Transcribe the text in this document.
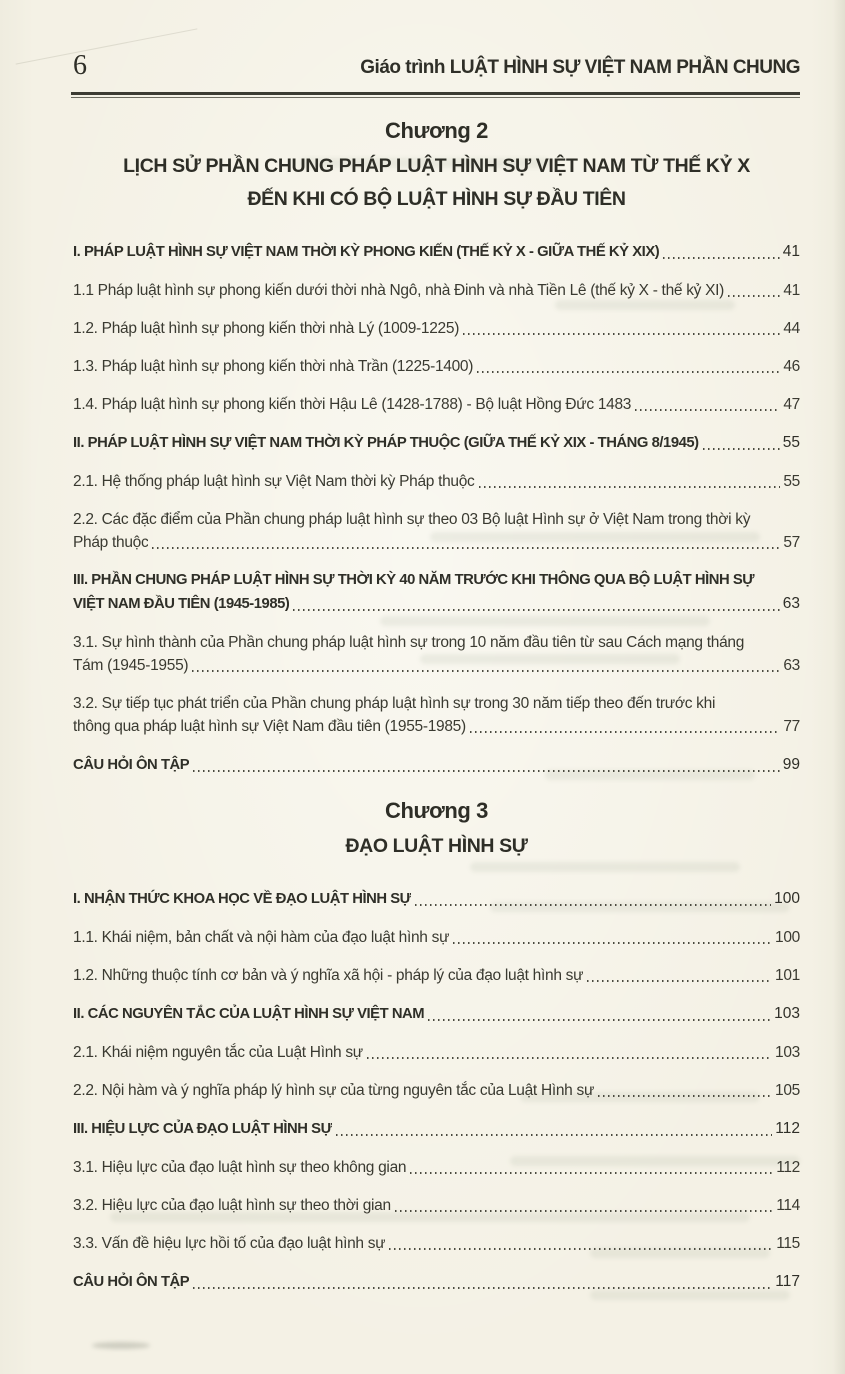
6	Giáo trình LUẬT HÌNH SỰ VIỆT NAM PHẦN CHUNG
Chương 2
LỊCH SỬ PHẦN CHUNG PHÁP LUẬT HÌNH SỰ VIỆT NAM TỪ THẾ KỶ X
ĐẾN KHI CÓ BỘ LUẬT HÌNH SỰ ĐẦU TIÊN
I. PHÁP LUẬT HÌNH SỰ VIỆT NAM THỜI KỲ PHONG KIẾN (THẾ KỶ X - GIỮA THẾ KỶ XIX)	41
1.1 Pháp luật hình sự phong kiến dưới thời nhà Ngô, nhà Đinh và nhà Tiền Lê (thế kỷ X - thế kỷ XI)	41
1.2. Pháp luật hình sự phong kiến thời nhà Lý (1009-1225)	44
1.3. Pháp luật hình sự phong kiến thời nhà Trần (1225-1400)	46
1.4. Pháp luật hình sự phong kiến thời Hậu Lê (1428-1788) - Bộ luật Hồng Đức 1483	47
II. PHÁP LUẬT HÌNH SỰ VIỆT NAM THỜI KỲ PHÁP THUỘC (GIỮA THẾ KỶ XIX - THÁNG 8/1945)	55
2.1. Hệ thống pháp luật hình sự Việt Nam thời kỳ Pháp thuộc	55
2.2. Các đặc điểm của Phần chung pháp luật hình sự theo 03 Bộ luật Hình sự ở Việt Nam trong thời kỳ
Pháp thuộc	57
III. PHẦN CHUNG PHÁP LUẬT HÌNH SỰ THỜI KỲ 40 NĂM TRƯỚC KHI THÔNG QUA BỘ LUẬT HÌNH SỰ
VIỆT NAM ĐẦU TIÊN (1945-1985)	63
3.1. Sự hình thành của Phần chung pháp luật hình sự trong 10 năm đầu tiên từ sau Cách mạng tháng
Tám (1945-1955)	63
3.2. Sự tiếp tục phát triển của Phần chung pháp luật hình sự trong 30 năm tiếp theo đến trước khi
thông qua pháp luật hình sự Việt Nam đầu tiên (1955-1985)	77
CÂU HỎI ÔN TẬP	99
Chương 3
ĐẠO LUẬT HÌNH SỰ
I. NHẬN THỨC KHOA HỌC VỀ ĐẠO LUẬT HÌNH SỰ	100
1.1. Khái niệm, bản chất và nội hàm của đạo luật hình sự	100
1.2. Những thuộc tính cơ bản và ý nghĩa xã hội - pháp lý của đạo luật hình sự	101
II. CÁC NGUYÊN TẮC CỦA LUẬT HÌNH SỰ VIỆT NAM	103
2.1. Khái niệm nguyên tắc của Luật Hình sự	103
2.2. Nội hàm và ý nghĩa pháp lý hình sự của từng nguyên tắc của Luật Hình sự	105
III. HIỆU LỰC CỦA ĐẠO LUẬT HÌNH SỰ	112
3.1. Hiệu lực của đạo luật hình sự theo không gian	112
3.2. Hiệu lực của đạo luật hình sự theo thời gian	114
3.3. Vấn đề hiệu lực hồi tố của đạo luật hình sự	115
CÂU HỎI ÔN TẬP	117
